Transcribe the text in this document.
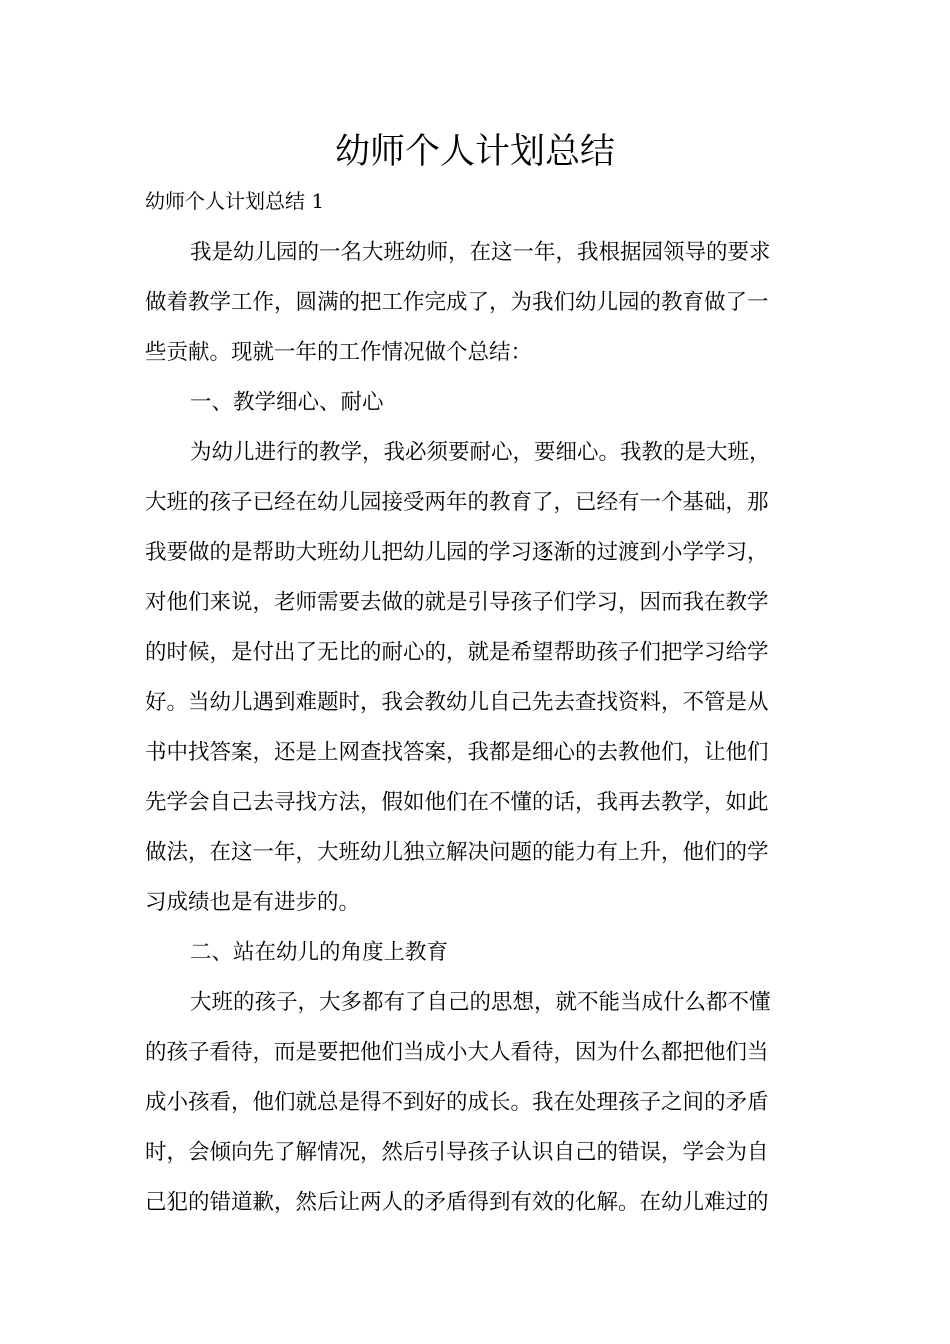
幼师个人计划总结

幼师个人计划总结 1

我是幼儿园的一名大班幼师，在这一年，我根据园领导的要求
做着教学工作，圆满的把工作完成了，为我们幼儿园的教育做了一
些贡献。现就一年的工作情况做个总结：
一、教学细心、耐心
为幼儿进行的教学，我必须要耐心，要细心。我教的是大班，
大班的孩子已经在幼儿园接受两年的教育了，已经有一个基础，那
我要做的是帮助大班幼儿把幼儿园的学习逐渐的过渡到小学学习，
对他们来说，老师需要去做的就是引导孩子们学习，因而我在教学
的时候，是付出了无比的耐心的，就是希望帮助孩子们把学习给学
好。当幼儿遇到难题时，我会教幼儿自己先去查找资料，不管是从
书中找答案，还是上网查找答案，我都是细心的去教他们，让他们
先学会自己去寻找方法，假如他们在不懂的话，我再去教学，如此
做法，在这一年，大班幼儿独立解决问题的能力有上升，他们的学
习成绩也是有进步的。
二、站在幼儿的角度上教育
大班的孩子，大多都有了自己的思想，就不能当成什么都不懂
的孩子看待，而是要把他们当成小大人看待，因为什么都把他们当
成小孩看，他们就总是得不到好的成长。我在处理孩子之间的矛盾
时，会倾向先了解情况，然后引导孩子认识自己的错误，学会为自
己犯的错道歉，然后让两人的矛盾得到有效的化解。在幼儿难过的
